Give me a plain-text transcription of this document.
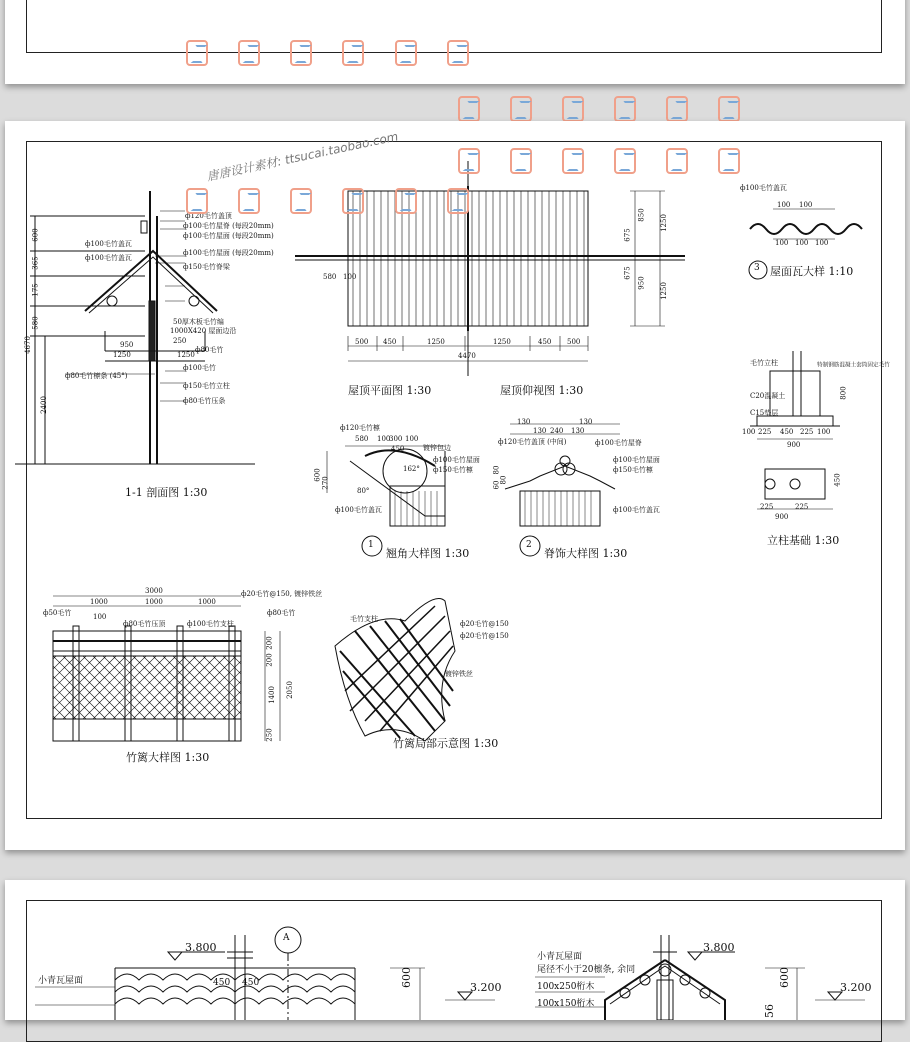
1-1 剖面图 1:30
ф120毛竹盖顶
ф100毛竹屋脊 (每段20mm)
ф100毛竹屋面 (每段20mm)
ф100毛竹盖瓦
ф100毛竹盖瓦
ф100毛竹屋面 (每段20mm)
ф150毛竹脊梁
ф100毛竹
ф150毛竹立柱
ф80毛竹压条
ф80毛竹檩条 (45°)
50厚木板毛竹编
1000X420 屋面边沿
ф80毛竹
600
365
175
580
4670
2400
1250	1250
950	250
屋顶平面图 1:30	屋顶仰视图 1:30
500 450	1250	1250	450 500
4470
580 100
850
675
675
950
1250
1250
ф100毛竹盖瓦
100 100
100 100 100
3 屋面瓦大样 1:10
毛竹立柱
C20混凝土
C15垫层
特制钢筋混凝土套筒固定毛竹
100 225 450 225 100
900
800
225	225
900
450
立柱基础 1:30
ф120毛竹檩
镀锌包边
ф100毛竹屋面
ф150毛竹檩
ф100毛竹盖瓦
580 100
300 100
600
270
450
162°
80°
1
翘角大样图 1:30
ф120毛竹盖顶 (中间)	ф100毛竹屋脊
ф100毛竹屋面
ф150毛竹檩
ф100毛竹盖瓦
130
130 240 130
130
80
60
80
2
脊饰大样图 1:30
3000
1000	1000	1000
200
200
1400 2050
250
ф50毛竹
ф80毛竹压顶	ф100毛竹支柱
ф20毛竹@150, 镀锌铁丝
ф80毛竹
100
竹篱大样图 1:30
毛竹支柱
ф20毛竹@150
ф20毛竹@150
镀锌铁丝
竹篱局部示意图 1:30
唐唐设计素材: ttsucai.taobao.com
3.800
A
小青瓦屋面	450 450	600	3.200
3.800
小青瓦屋面
尾径不小于20檩条, 余同
100x250桁木
100x150桁木
600
56
3.200
